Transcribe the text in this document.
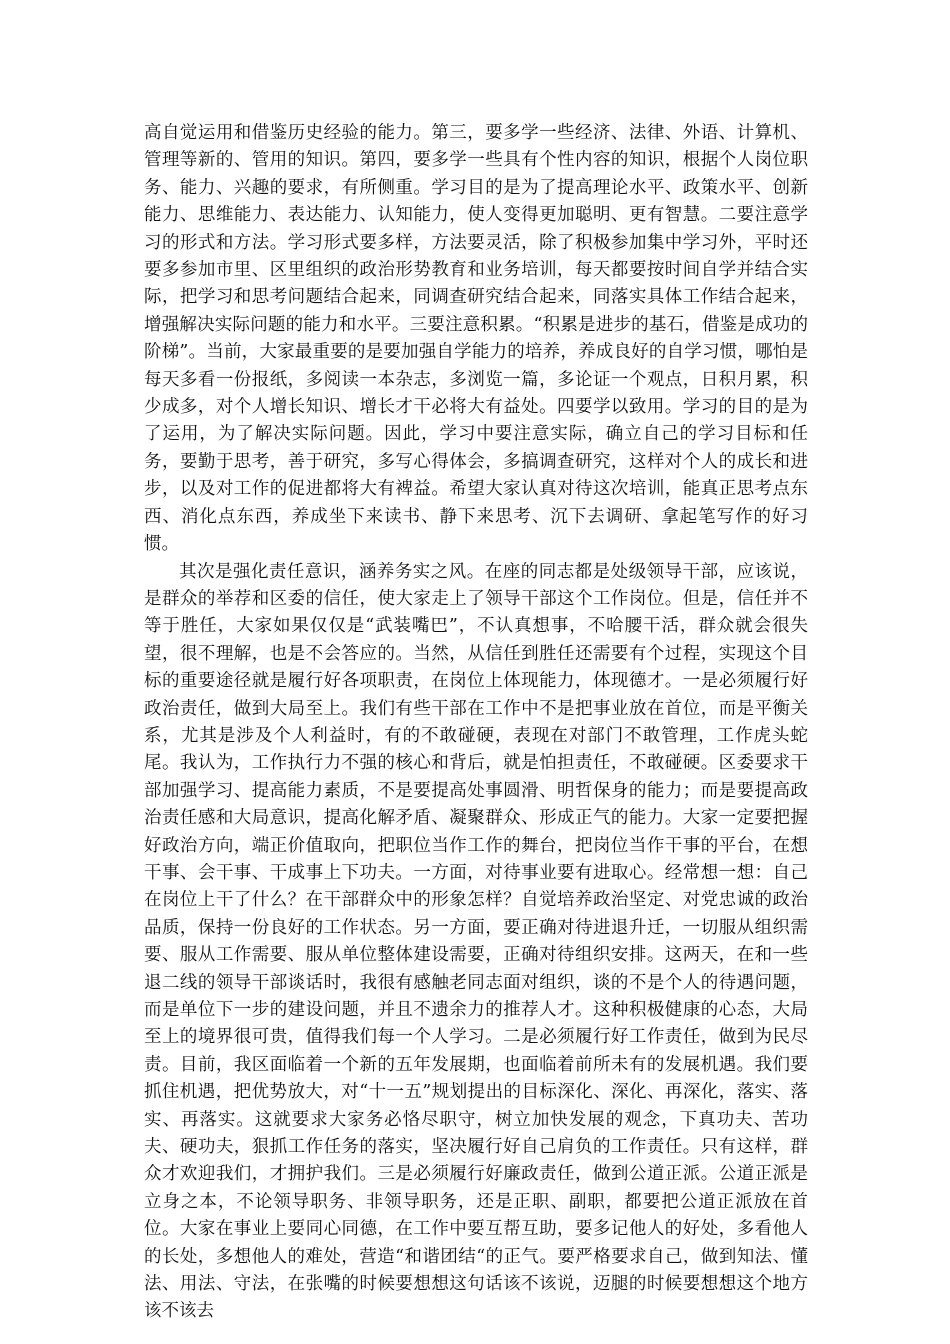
高自觉运用和借鉴历史经验的能力。第三，要多学一些经济、法律、外语、计算机、管理等新的、管用的知识。第四，要多学一些具有个性内容的知识，根据个人岗位职务、能力、兴趣的要求，有所侧重。学习目的是为了提高理论水平、政策水平、创新能力、思维能力、表达能力、认知能力，使人变得更加聪明、更有智慧。二要注意学习的形式和方法。学习形式要多样，方法要灵活，除了积极参加集中学习外，平时还要多参加市里、区里组织的政治形势教育和业务培训，每天都要按时间自学并结合实际，把学习和思考问题结合起来，同调查研究结合起来，同落实具体工作结合起来，增强解决实际问题的能力和水平。三要注意积累。“积累是进步的基石，借鉴是成功的阶梯”。当前，大家最重要的是要加强自学能力的培养，养成良好的自学习惯，哪怕是每天多看一份报纸，多阅读一本杂志，多浏览一篇，多论证一个观点，日积月累，积少成多，对个人增长知识、增长才干必将大有益处。四要学以致用。学习的目的是为了运用，为了解决实际问题。因此，学习中要注意实际，确立自己的学习目标和任务，要勤于思考，善于研究，多写心得体会，多搞调查研究，这样对个人的成长和进步，以及对工作的促进都将大有裨益。希望大家认真对待这次培训，能真正思考点东西、消化点东西，养成坐下来读书、静下来思考、沉下去调研、拿起笔写作的好习惯。

其次是强化责任意识，涵养务实之风。在座的同志都是处级领导干部，应该说，是群众的举荐和区委的信任，使大家走上了领导干部这个工作岗位。但是，信任并不等于胜任，大家如果仅仅是“武装嘴巴”，不认真想事，不哈腰干活，群众就会很失望，很不理解，也是不会答应的。当然，从信任到胜任还需要有个过程，实现这个目标的重要途径就是履行好各项职责，在岗位上体现能力，体现德才。一是必须履行好政治责任，做到大局至上。我们有些干部在工作中不是把事业放在首位，而是平衡关系，尤其是涉及个人利益时，有的不敢碰硬，表现在对部门不敢管理，工作虎头蛇尾。我认为，工作执行力不强的核心和背后，就是怕担责任，不敢碰硬。区委要求干部加强学习、提高能力素质，不是要提高处事圆滑、明哲保身的能力；而是要提高政治责任感和大局意识，提高化解矛盾、凝聚群众、形成正气的能力。大家一定要把握好政治方向，端正价值取向，把职位当作工作的舞台，把岗位当作干事的平台，在想干事、会干事、干成事上下功夫。一方面，对待事业要有进取心。经常想一想：自己在岗位上干了什么？在干部群众中的形象怎样？自觉培养政治坚定、对党忠诚的政治品质，保持一份良好的工作状态。另一方面，要正确对待进退升迁，一切服从组织需要、服从工作需要、服从单位整体建设需要，正确对待组织安排。这两天，在和一些退二线的领导干部谈话时，我很有感触老同志面对组织，谈的不是个人的待遇问题，而是单位下一步的建设问题，并且不遗余力的推荐人才。这种积极健康的心态，大局至上的境界很可贵，值得我们每一个人学习。二是必须履行好工作责任，做到为民尽责。目前，我区面临着一个新的五年发展期，也面临着前所未有的发展机遇。我们要抓住机遇，把优势放大，对“十一五”规划提出的目标深化、深化、再深化，落实、落实、再落实。这就要求大家务必恪尽职守，树立加快发展的观念，下真功夫、苦功夫、硬功夫，狠抓工作任务的落实，坚决履行好自己肩负的工作责任。只有这样，群众才欢迎我们，才拥护我们。三是必须履行好廉政责任，做到公道正派。公道正派是立身之本，不论领导职务、非领导职务，还是正职、副职，都要把公道正派放在首位。大家在事业上要同心同德，在工作中要互帮互助，要多记他人的好处，多看他人的长处，多想他人的难处，营造“和谐团结“的正气。要严格要求自己，做到知法、懂法、用法、守法，在张嘴的时候要想想这句话该不该说，迈腿的时候要想想这个地方该不该去
